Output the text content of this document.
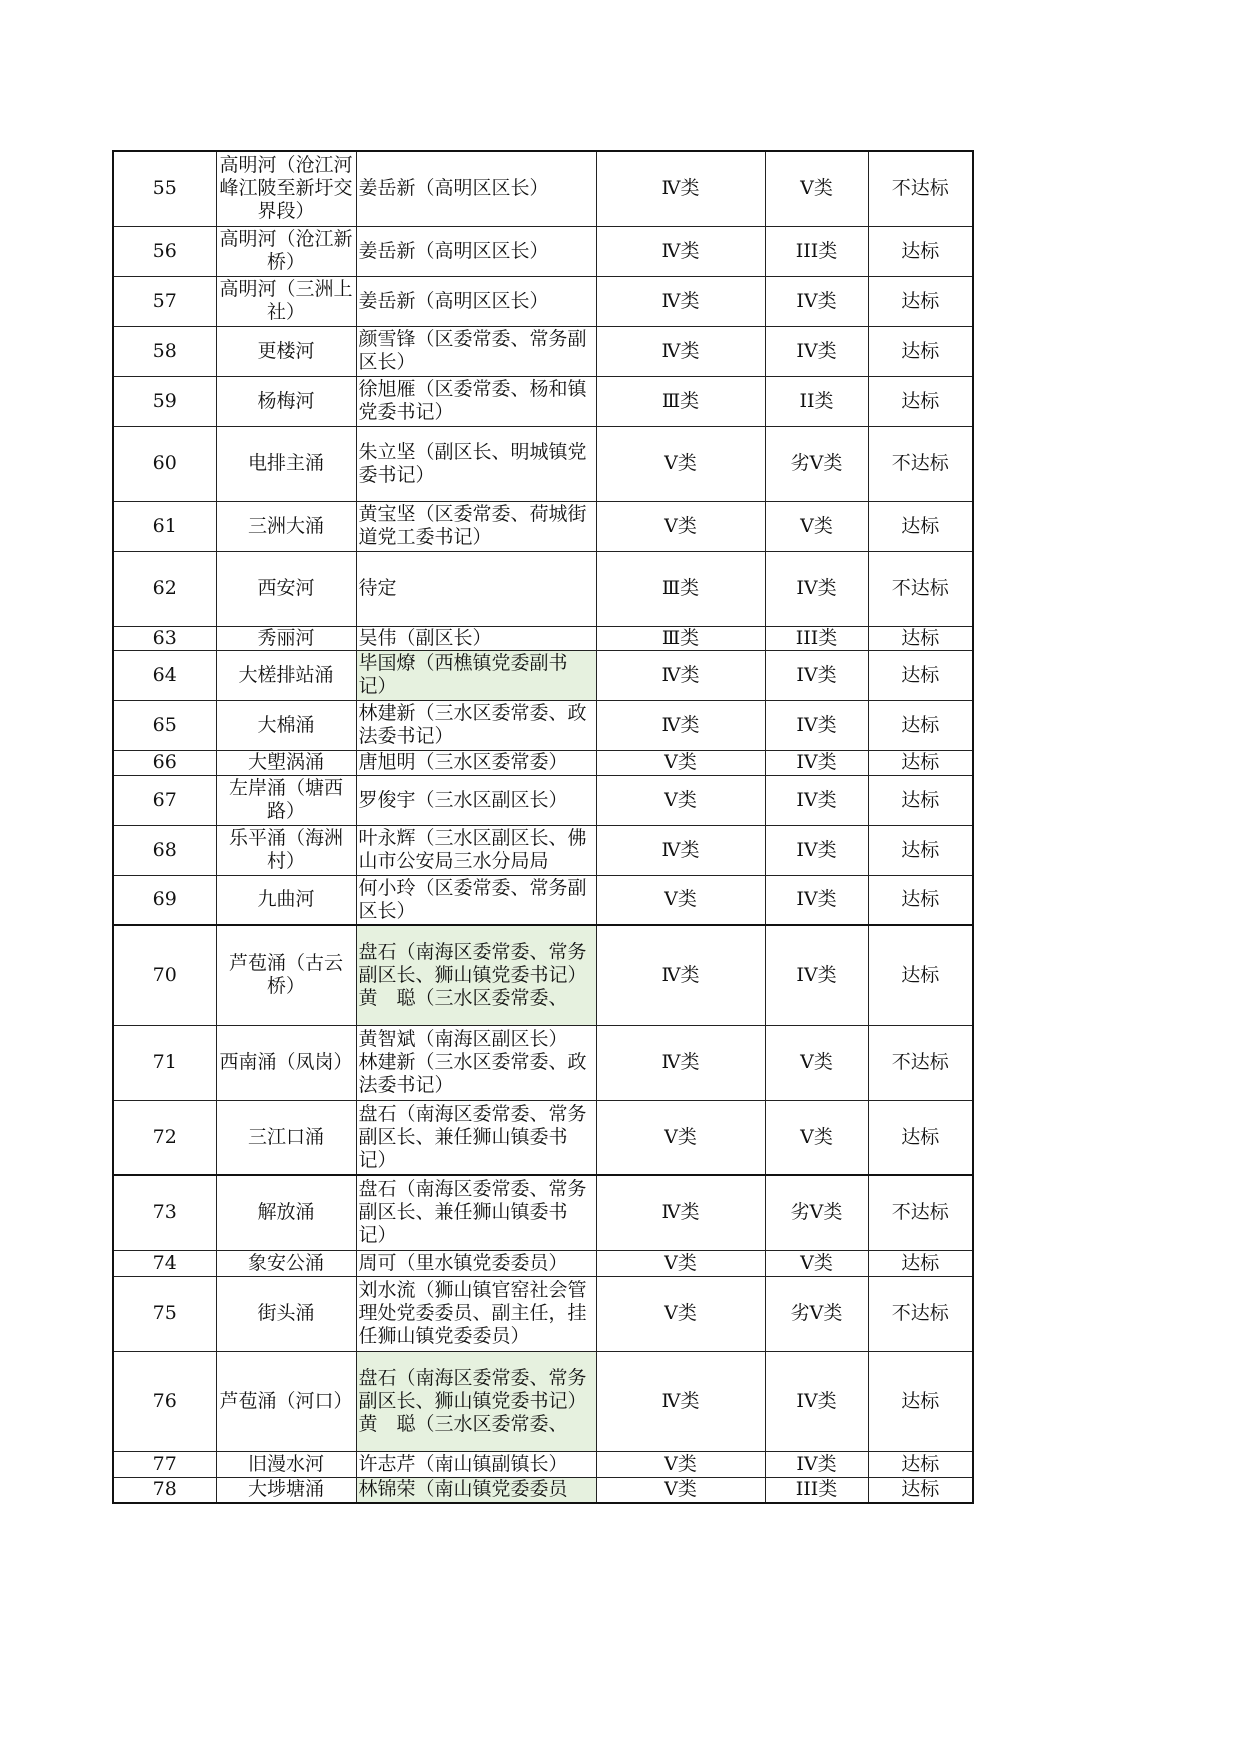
55	高明河（沧江河峰江陂至新圩交界段）	姜岳新（高明区区长）	Ⅳ类	V类	不达标

56	高明河（沧江新桥）	姜岳新（高明区区长）	Ⅳ类	III类	达标

57	高明河（三洲上社）	姜岳新（高明区区长）	Ⅳ类	IV类	达标

58	更楼河	颜雪锋（区委常委、常务副区长）	Ⅳ类	IV类	达标

59	杨梅河	徐旭雁（区委常委、杨和镇党委书记）	Ⅲ类	II类	达标

60	电排主涌	朱立坚（副区长、明城镇党委书记）	Ⅴ类	劣Ⅴ类	不达标

61	三洲大涌	黄宝坚（区委常委、荷城街道党工委书记）	Ⅴ类	V类	达标

62	西安河	待定	Ⅲ类	IV类	不达标

63	秀丽河	吴伟（副区长）	Ⅲ类	III类	达标

64	大槎排站涌	毕国燎（西樵镇党委副书记）	Ⅳ类	IV类	达标

65	大棉涌	林建新（三水区委常委、政法委书记）	Ⅳ类	IV类	达标

66	大塱涡涌	唐旭明（三水区委常委）	Ⅴ类	IV类	达标

67	左岸涌（塘西路）	罗俊宇（三水区副区长）	Ⅴ类	IV类	达标

68	乐平涌（海洲村）	叶永辉（三水区副区长、佛山市公安局三水分局局	Ⅳ类	IV类	达标

69	九曲河	何小玲（区委常委、常务副区长）	Ⅴ类	IV类	达标

70	芦苞涌（古云桥）	盘石（南海区委常委、常务副区长、狮山镇党委书记）
黄　聪（三水区委常委、	Ⅳ类	IV类	达标

71	西南涌（凤岗）	黄智斌（南海区副区长）
林建新（三水区委常委、政法委书记）	Ⅳ类	V类	不达标

72	三江口涌	盘石（南海区委常委、常务副区长、兼任狮山镇委书记）	Ⅴ类	V类	达标

73	解放涌	盘石（南海区委常委、常务副区长、兼任狮山镇委书记）	Ⅳ类	劣Ⅴ类	不达标

74	象安公涌	周可（里水镇党委委员）	Ⅴ类	V类	达标

75	街头涌	刘水流（狮山镇官窑社会管理处党委委员、副主任，挂任狮山镇党委委员）	Ⅴ类	劣Ⅴ类	不达标

76	芦苞涌（河口）	盘石（南海区委常委、常务副区长、狮山镇党委书记）
黄　聪（三水区委常委、	Ⅳ类	IV类	达标

77	旧漫水河	许志芹（南山镇副镇长）	Ⅴ类	IV类	达标

78	大埗塘涌	林锦荣（南山镇党委委员	Ⅴ类	III类	达标
